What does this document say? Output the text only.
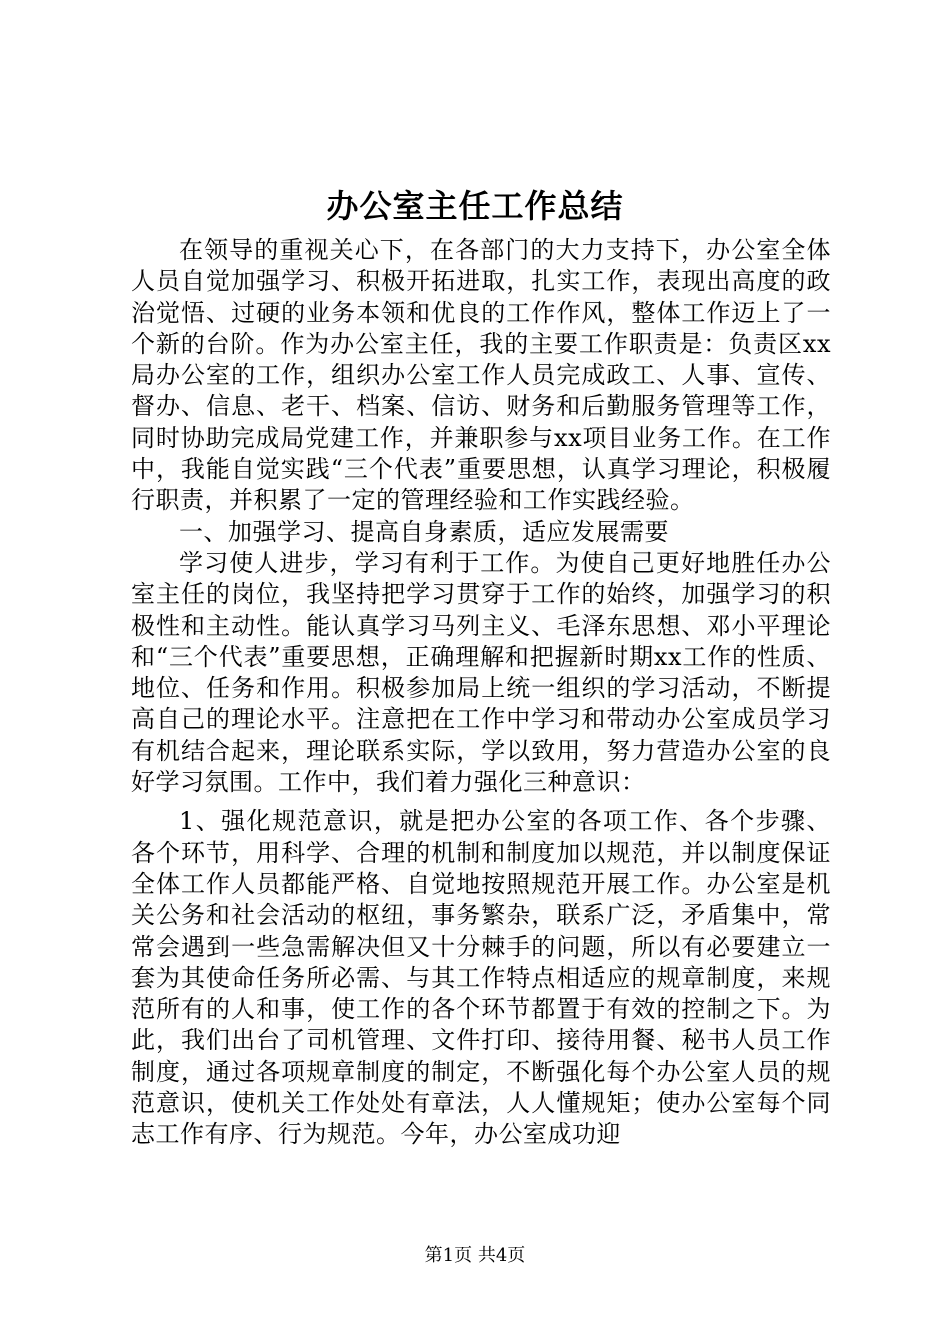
办公室主任工作总结

在领导的重视关心下，在各部门的大力支持下，办公室全体人员自觉加强学习、积极开拓进取，扎实工作，表现出高度的政治觉悟、过硬的业务本领和优良的工作作风，整体工作迈上了一个新的台阶。作为办公室主任，我的主要工作职责是：负责区xx局办公室的工作，组织办公室工作人员完成政工、人事、宣传、督办、信息、老干、档案、信访、财务和后勤服务管理等工作，同时协助完成局党建工作，并兼职参与xx项目业务工作。在工作中，我能自觉实践“三个代表”重要思想，认真学习理论，积极履行职责，并积累了一定的管理经验和工作实践经验。

一、加强学习、提高自身素质，适应发展需要

学习使人进步，学习有利于工作。为使自己更好地胜任办公室主任的岗位，我坚持把学习贯穿于工作的始终，加强学习的积极性和主动性。能认真学习马列主义、毛泽东思想、邓小平理论和“三个代表”重要思想，正确理解和把握新时期xx工作的性质、地位、任务和作用。积极参加局上统一组织的学习活动，不断提高自己的理论水平。注意把在工作中学习和带动办公室成员学习有机结合起来，理论联系实际，学以致用，努力营造办公室的良好学习氛围。工作中，我们着力强化三种意识：

1、强化规范意识，就是把办公室的各项工作、各个步骤、各个环节，用科学、合理的机制和制度加以规范，并以制度保证全体工作人员都能严格、自觉地按照规范开展工作。办公室是机关公务和社会活动的枢纽，事务繁杂，联系广泛，矛盾集中，常常会遇到一些急需解决但又十分棘手的问题，所以有必要建立一套为其使命任务所必需、与其工作特点相适应的规章制度，来规范所有的人和事，使工作的各个环节都置于有效的控制之下。为此，我们出台了司机管理、文件打印、接待用餐、秘书人员工作制度，通过各项规章制度的制定，不断强化每个办公室人员的规范意识，使机关工作处处有章法，人人懂规矩；使办公室每个同志工作有序、行为规范。今年，办公室成功迎

第1页 共4页
